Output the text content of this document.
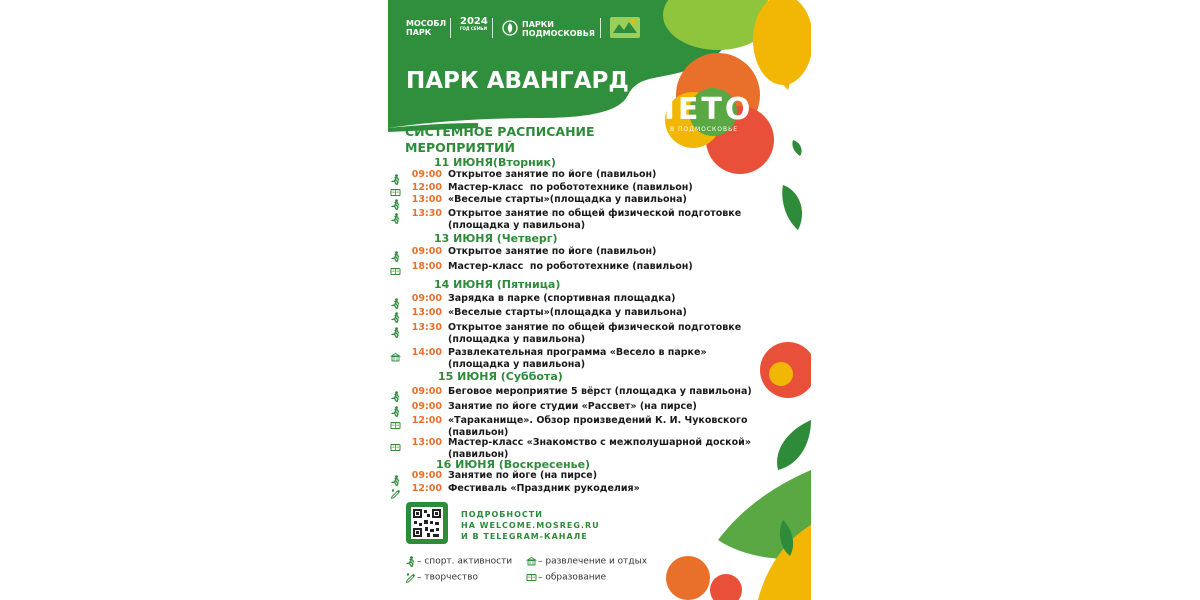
МОСОБЛ
ПАРК
2024
ГОД СЕМЬИ	ПАРКИ
ПОДМОСКОВЬЯ
ПАРК АВАНГАРД
ЛЕТО
В ПОДМОСКОВЬЕ
СИСТЕМНОЕ РАСПИСАНИЕ
МЕРОПРИЯТИЙ
11 ИЮНЯ(Вторник)
09:00 Открытое занятие по йоге (павильон)
12:00 Мастер-класс  по робототехнике (павильон)
13:00 «Веселые старты»(площадка у павильона)
13:30 Открытое занятие по общей физической подготовке
(площадка у павильона)
13 ИЮНЯ (Четверг)
09:00 Открытое занятие по йоге (павильон)
18:00 Мастер-класс  по робототехнике (павильон)
14 ИЮНЯ (Пятница)
09:00 Зарядка в парке (спортивная площадка)
13:00 «Веселые старты»(площадка у павильона)
13:30 Открытое занятие по общей физической подготовке
(площадка у павильона)
14:00 Развлекательная программа «Весело в парке»
(площадка у павильона)
15 ИЮНЯ (Суббота)
09:00 Беговое мероприятие 5 вёрст (площадка у павильона)
09:00 Занятие по йоге студии «Рассвет» (на пирсе)
12:00 «Тараканище». Обзор произведений К. И. Чуковского
(павильон)
13:00 Мастер-класс «Знакомство с межполушарной доской»
(павильон)
16 ИЮНЯ (Воскресенье)
09:00 Занятие по йоге (на пирсе)
12:00 Фестиваль «Праздник рукоделия»
ПОДРОБНОСТИ
НА WELCOME.MOSREG.RU
И В TELEGRAM-КАНАЛЕ
– спорт. активности	– развлечение и отдых
– творчество	– образование
